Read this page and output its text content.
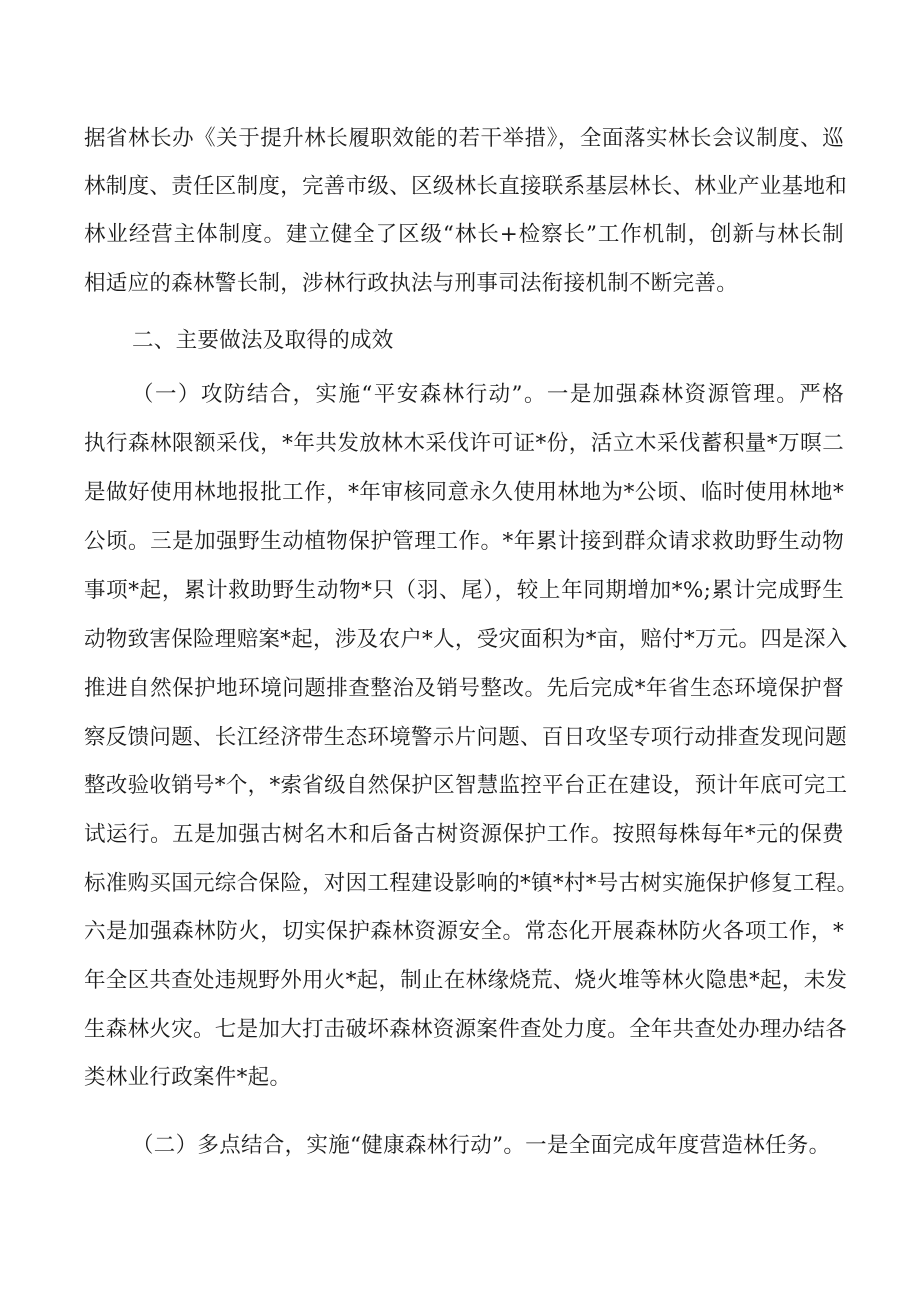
据省林长办《关于提升林长履职效能的若干举措》，全面落实林长会议制度、巡
林制度、责任区制度，完善市级、区级林长直接联系基层林长、林业产业基地和
林业经营主体制度。建立健全了区级“林长+检察长”工作机制，创新与林长制
相适应的森林警长制，涉林行政执法与刑事司法衔接机制不断完善。
二、主要做法及取得的成效
（一）攻防结合，实施“平安森林行动”。一是加强森林资源管理。严格
执行森林限额采伐，*年共发放林木采伐许可证*份，活立木采伐蓄积量*万暝二
是做好使用林地报批工作，*年审核同意永久使用林地为*公顷、临时使用林地*
公顷。三是加强野生动植物保护管理工作。*年累计接到群众请求救助野生动物
事项*起，累计救助野生动物*只（羽、尾），较上年同期增加*%;累计完成野生
动物致害保险理赔案*起，涉及农户*人，受灾面积为*亩，赔付*万元。四是深入
推进自然保护地环境问题排查整治及销号整改。先后完成*年省生态环境保护督
察反馈问题、长江经济带生态环境警示片问题、百日攻坚专项行动排查发现问题
整改验收销号*个，*索省级自然保护区智慧监控平台正在建设，预计年底可完工
试运行。五是加强古树名木和后备古树资源保护工作。按照每株每年*元的保费
标准购买国元综合保险，对因工程建设影响的*镇*村*号古树实施保护修复工程。
六是加强森林防火，切实保护森林资源安全。常态化开展森林防火各项工作，*
年全区共查处违规野外用火*起，制止在林缘烧荒、烧火堆等林火隐患*起，未发
生森林火灾。七是加大打击破坏森林资源案件查处力度。全年共查处办理办结各
类林业行政案件*起。
（二）多点结合，实施“健康森林行动”。一是全面完成年度营造林任务。
